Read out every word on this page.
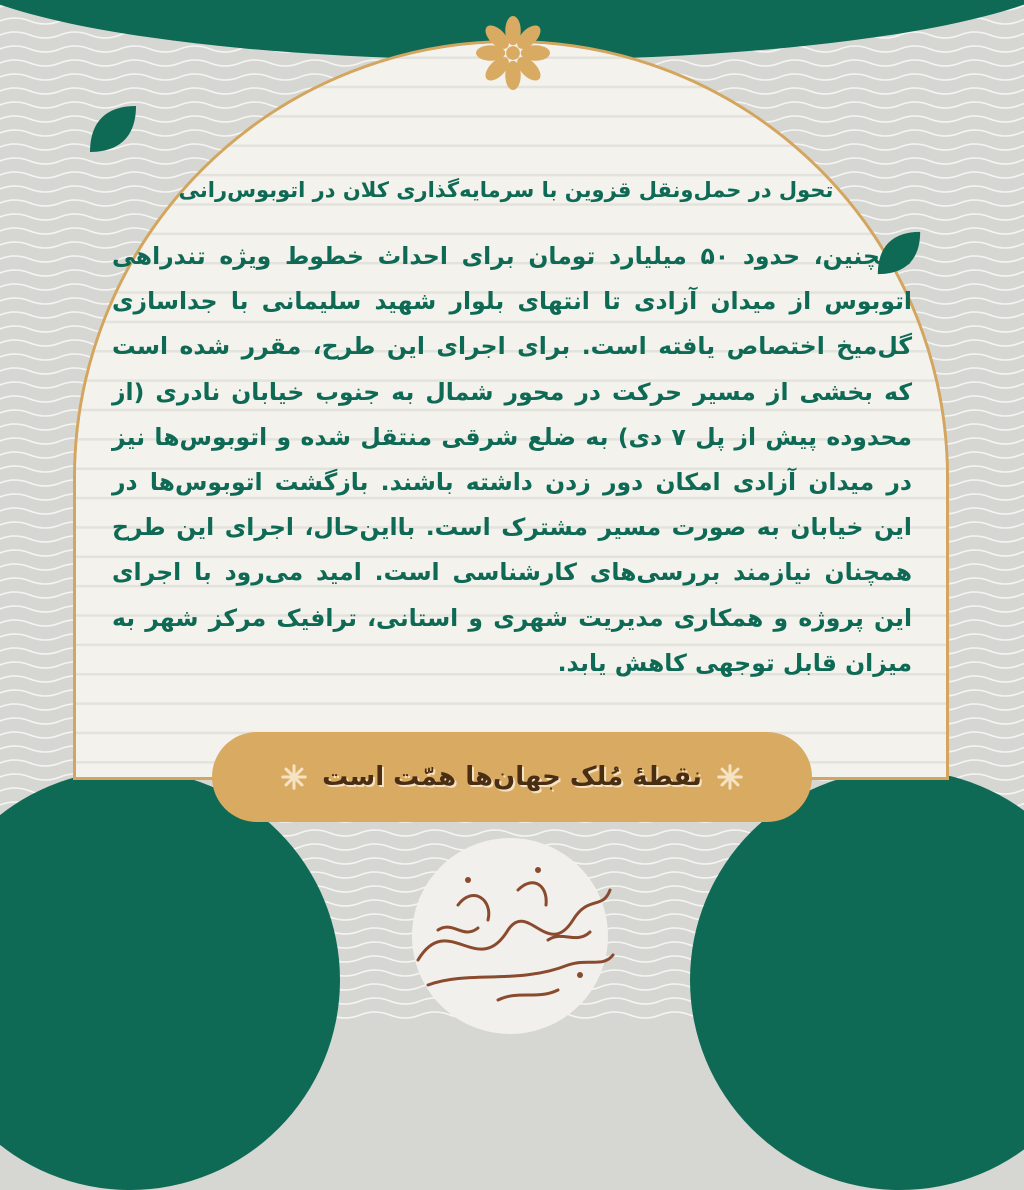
تحول در حمل‌ونقل قزوین با سرمایه‌گذاری کلان در اتوبوس‌رانی
همچنین، حدود ۵۰ میلیارد تومان برای احداث خطوط ویژه تندراهی اتوبوس از میدان آزادی تا انتهای بلوار شهید سلیمانی با جداسازی گل‌میخ اختصاص یافته است. برای اجرای این طرح، مقرر شده است که بخشی از مسیر حرکت در محور شمال به جنوب خیابان نادری (از محدوده پیش از پل ۷ دی) به ضلع شرقی منتقل شده و اتوبوس‌ها نیز در میدان آزادی امکان دور زدن داشته باشند. بازگشت اتوبوس‌ها در این خیابان به صورت مسیر مشترک است. بااین‌حال، اجرای این طرح همچنان نیازمند بررسی‌های کارشناسی است. امید می‌رود با اجرای این پروژه و همکاری مدیریت شهری و استانی، ترافیک مرکز شهر به میزان قابل توجهی کاهش یابد.
نقطهٔ مُلک جهان‌ها همّت است
